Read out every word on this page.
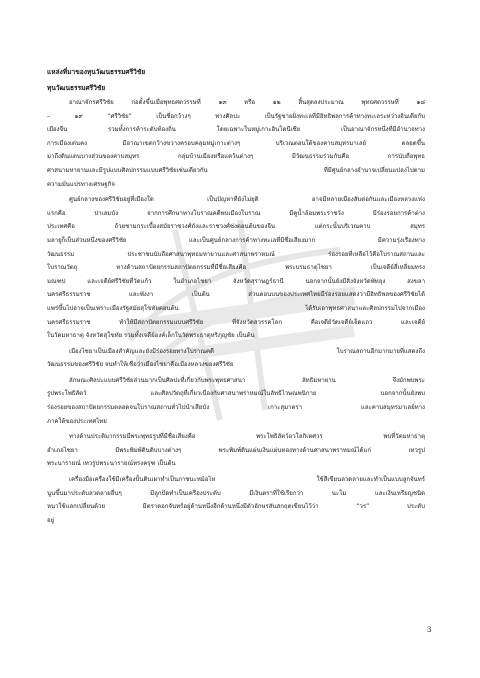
แหล่งที่มาของทุนวัฒนธรรมศรีวิชัย

ทุนวัฒนธรรมศรีวิชัย

อาณาจักรศรีวิชัย ก่อตั้งขึ้นเมื่อพุทธศตวรรษที่ ๑๓ หรือ ๑๒ สิ้นสุดลงประมาณ พุทธศตวรรษที่ ๑๘
– ๑๙ “ศรีวิชัย” เป็นชื่อกว้างๆ ทางศิลปะ เป็นรัฐชายฝั่งทะเลที่มีอิทธิพลการค้าทางทะเลระหว่างอินเดียกับ
เมืองจีน รวมทั้งการค้าระดับท้องถิ่น โดยเฉพาะในหมู่เกาะอินโดนีเซีย เป็นอาณาจักรหนึ่งที่มีอำนาจทาง
การเมืองเด่นคง มีอาณาเขตกว้างขวางครอบคลุมหมู่เกาะต่างๆ บริเวณตอนใต้ของคาบสมุทรมาเลย์ ตลอดขึ้น
มาถึงดินแดนบางส่วนของคาบสมุทร กลุ่มบ้านเมืองหรือแคว้นต่างๆ มีวัฒนธรรมร่วมกันคือ การนับถือพุทธ
ศาสนามหายานและมีรูปแบบศิลปกรรมแบบศรีวิชัยเช่นเดียวกัน ที่มีศูนย์กลางอำนาจเปลี่ยนแปลงไปตาม
ความมั่นแปรทางเศรษฐกิจ
ศูนย์กลางของศรีวิชัยอยู่ที่เมืองใด เป็นปัญหาที่ยังไม่ยุติ อาจมีหลายเมืองสับต่อกันและเมืองหลวงแห่ง
แรกคือ ปาเลมบัง จากการศึกษาทางโบราณคดีพบเมืองโบราณ มีคูน้ำล้อมพระราชวัง มีร่องรอยการค้าต่าง
ประเทศคือ ถ้วยชามกระเบื้องสมัยราชวงศ์ถังและราชวงศ์ซ่งตอนต้นของจีน แต่กระนั้นบริเวณคาบ สมุทร
มลายูก็เป็นส่วนหนึ่งของศรีวิชัย และเป็นศูนย์กลางการค้าทางทะเลที่มีชื่อเสียงมาก มีความรุ่งเรืองทาง
วัฒนธรรม ประชาชนนับถือศาสนาพุทธมหายานและศาสนาพราหมณ์ ร่องรอยที่เหลือไว้คือโบราณสถานและ
โบราณวัตถุ ทางด้านสถาปัตยกรรมสถาปัตยกรรมที่มีชื่อเสียงคือ พระบรมธาตุไชยา เป็นเจดีย์สี่เหลี่ยมทรง
มณฑป และเจดีย์ศรีวิชัยที่วัดแก้ว ในอำเภอไชยา จังหวัดสุราษฎร์ธานี นอกจากนั้นยังมีสิ่งจังหวัดพัทลุง สงขลา
นครศรีธรรมราช และพังงา เป็นต้น ส่วนตอนบนของประเทศไทยมีร่องรอยแสดงว่ามีอิทธิพลของศรีวิชัยได้
แพร่ขึ้นไปอาจเป็นเพราะเมืองรัฐสมัยสุโขทัยตอนต้น ได้รับเอาพุทธศาสนาและศิลปกรรมไปจากเมือง
นครศรีธรรมราช ทำให้มีสถาปัตยกรรมแบบศรีวิชัย ที่จังหวัดสวรรคโลก คือเจดีย์วัดเจดีย์เจ็ดแถว และเจดีย์
ในวัดมหาธาตุ จังหวัดสุโขทัย รวมทั้งเจดีย์องค์เล็กในวัดพระธาตุหริภุญชัย เป็นต้น
เมืองไชยาเป็นเมืองสำคัญและยังมีร่องรอยทางโบราณคดี โบราณสถานอีกมากมายที่แสดงถึง
วัฒนธรรมของศรีวิชัย จนทำให้เชื่อว่าเมืองไชยาคือเมืองหลวงของศรีวิชัย
ลักษณะศิลปะแบบศรีวิชัยส่วนมากเป็นศิลปะที่เกี่ยวกับพระพุทธศาสนา ลัทธิมหายาน จึงมักพบพระ
รูปพระโพธิสัตว์ และศิลปวัตถุที่เกี่ยวเนื่องกับศาสนาพราหมณ์ในลัทธิไวษณพนิกาย นอกจากนั้นยังพบ
ร่องรอยของสถาปัตยกรรมตลอดจนโบราณสถานทั่วไปนำเสียบัง เกาะสุมาตรา และคาบสมุทรมาเลย์ทาง
ภาคใต้ของประเทศไทย
ทางด้านประติมากรรมมีพระพุทธรูปที่มีชื่อเสียงคือ พระโพธิสัตว์อวโลกิเตศวร พบที่วัดมหาธาตุ
อำเภอไชยา มีพระพิมพ์ดินดิบบางต่างๆ พระพิมพ์ดินแผ่นเงินแผ่นทองทางด้านศาสนาพราหมณ์ได้แก่ เทวรูป
พระนารายณ์ เทวรูปพระนารายณ์ทรงครุฑ เป็นต้น
เครื่องมือเครื่องใช้มีเครื่องปั้นดินเผาทำเป็นภาชนะหม้อไห ใช้สีเขียนลวดลายและทำเป็นแบบลูกจันทร์
นูนขึ้นมาประดับลวดลายอื่นๆ มีลูกปัดทำเป็นเครื่องประดับ มีเงินตราที่ใช้เรียกว่า นะโม และเงินเหรียญชนิด
หนาใช้แลกเปลี่ยนด้วย มีตราดอกจันทร์อยู่ด้านหนึ่งอีกด้านหนึ่งมีตัวอักษรสันสกฤตเขียนไว้ว่า “วร” ประดับ
อยู่
3
